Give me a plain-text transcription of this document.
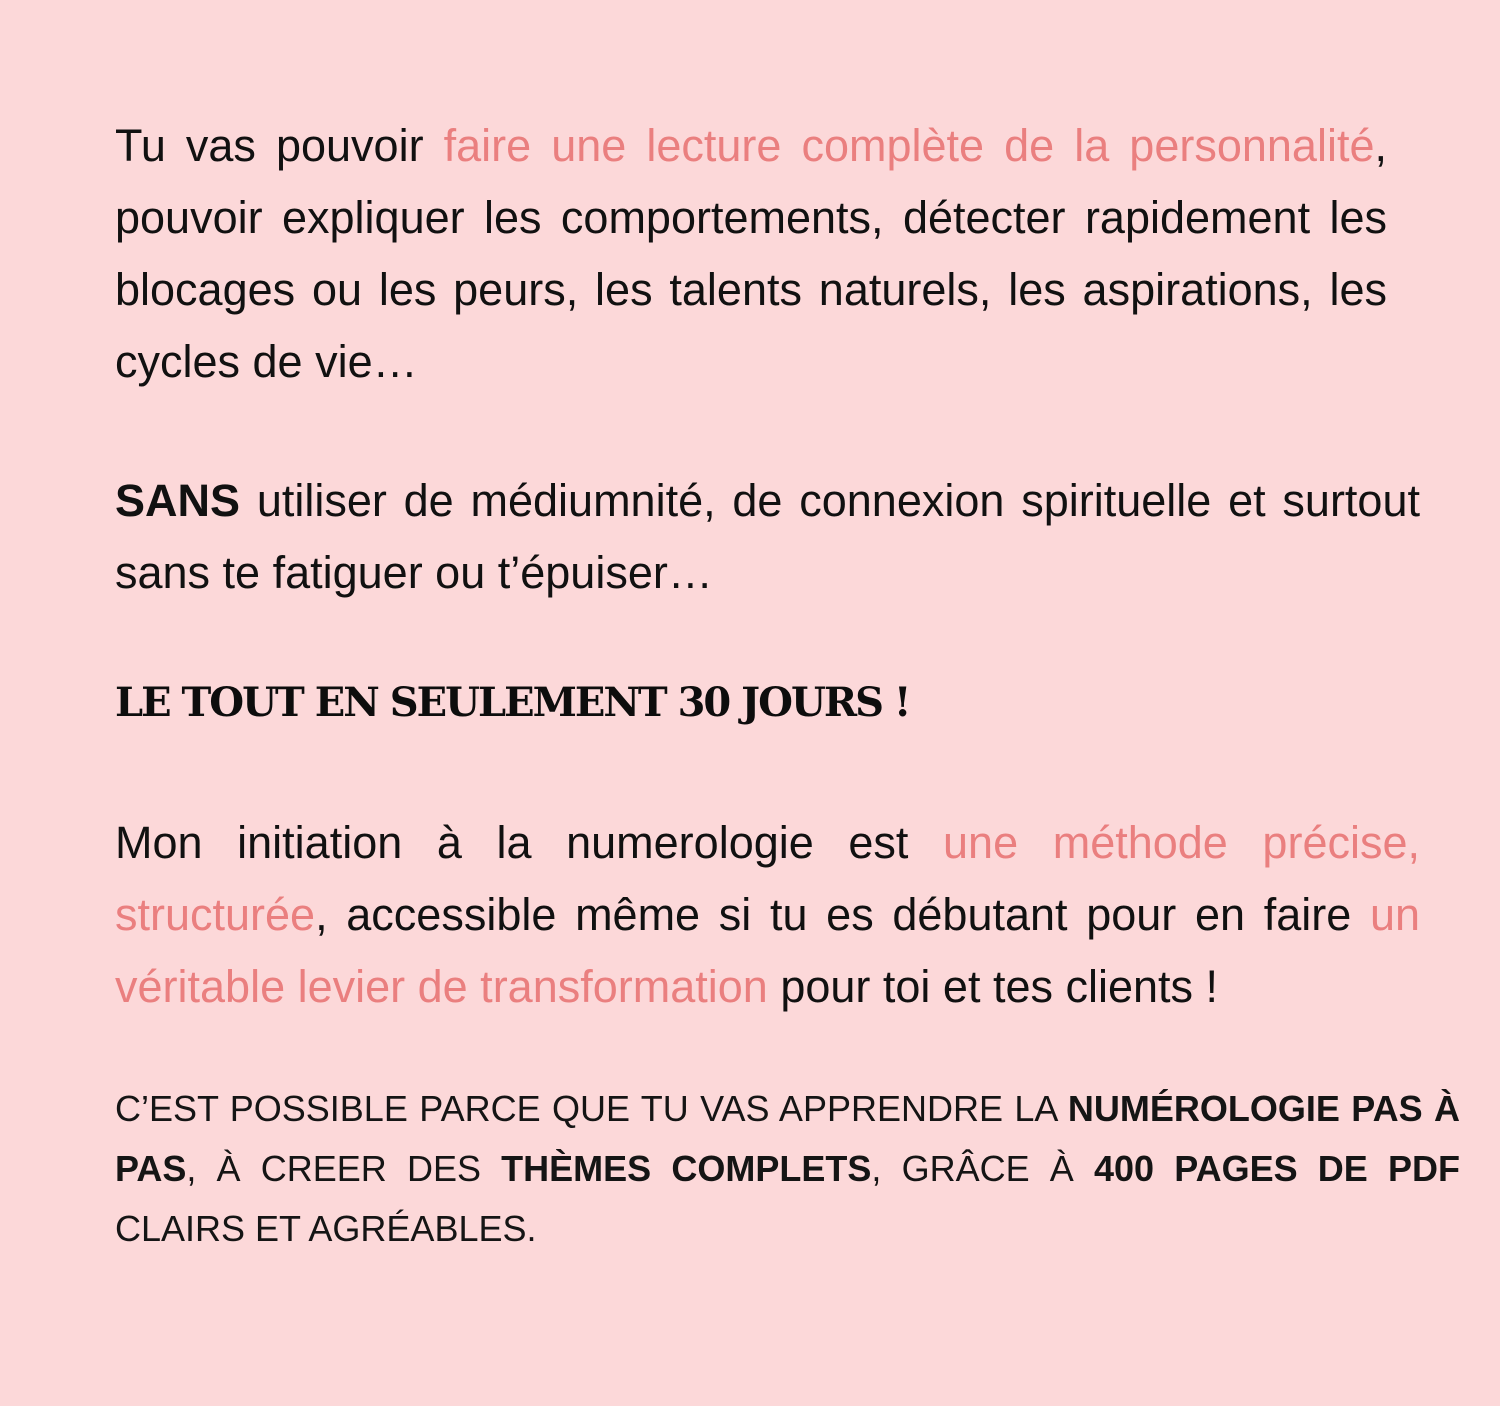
Tu vas pouvoir faire une lecture complète de la personnalité, pouvoir expliquer les comportements, détecter rapidement les blocages ou les peurs, les talents naturels, les aspirations, les cycles de vie…

SANS utiliser de médiumnité, de connexion spirituelle et surtout sans te fatiguer ou t’épuiser…

LE TOUT EN SEULEMENT 30 JOURS !

Mon initiation à la numerologie est une méthode précise, structurée, accessible même si tu es débutant pour en faire un véritable levier de transformation pour toi et tes clients !

C’EST POSSIBLE PARCE QUE TU VAS APPRENDRE LA NUMÉROLOGIE PAS À PAS, À CREER DES THÈMES COMPLETS, GRÂCE À 400 PAGES DE PDF CLAIRS ET AGRÉABLES.
